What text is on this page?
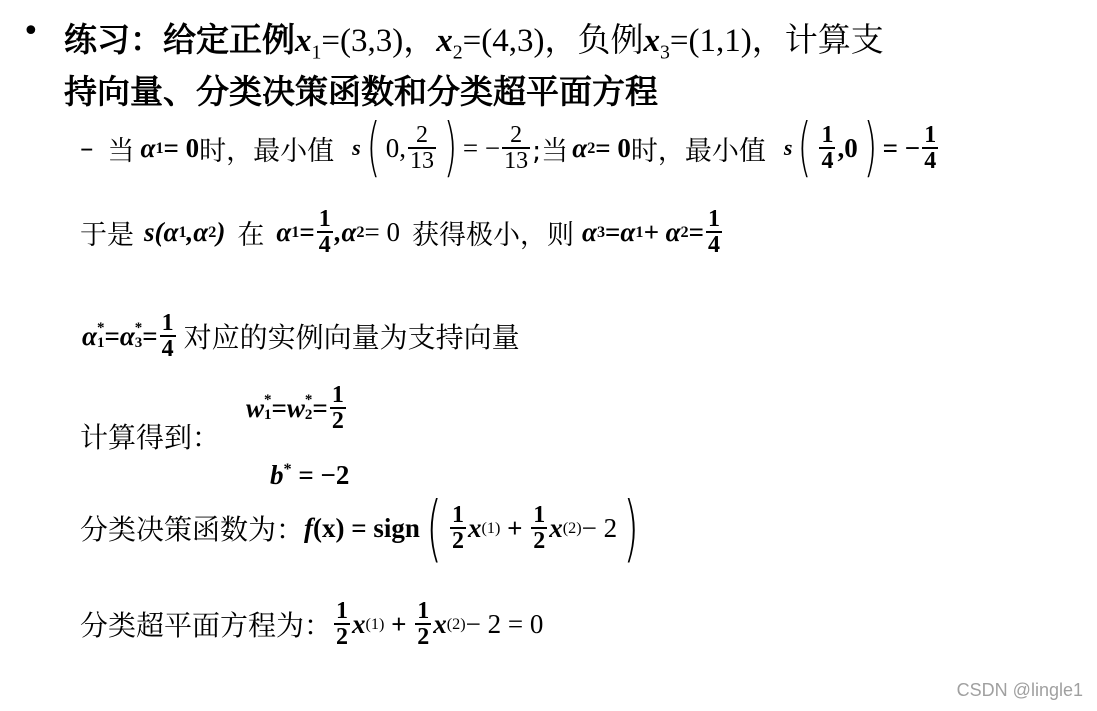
• 练习：给定正例$x_1=(3,3)$，$x_2=(4,3)$，负例$x_3=(1,1)$，计算支
持向量、分类决策函数和分类超平面方程
– 当 α 1 = 0 时，最小值 s ( 0, $\frac{2}{13}$ ) = − $\frac{2}{13}$ ;当 α 2 = 0 时，最小值 s ( $\frac{1}{4} ,0$ ) = − $\frac{1}{4}$
于是 s(α 1 ,α 2 ) 在 α $1 = \frac{1}{4} ,\alpha$ 2 = 0 获得极小，则 α 3 = α 1 + α $2 = \frac{1}{4}$
α *
1 = α *
$3 = \frac{1}{4}$ 对应的实例向量为支持向量
计算得到：
w *
1 = w *
$2 = \frac{1}{2}$
b* = −2
分类决策函数为： f (x) = sign ( $\frac{1}{2}$ x $(1) + \frac{1}{2}$ x (2) − 2 )
分类超平面方程为： $\frac{1}{2}$ x $(1) + \frac{1}{2}$ x (2) − 2 = 0
CSDN @lingle1
